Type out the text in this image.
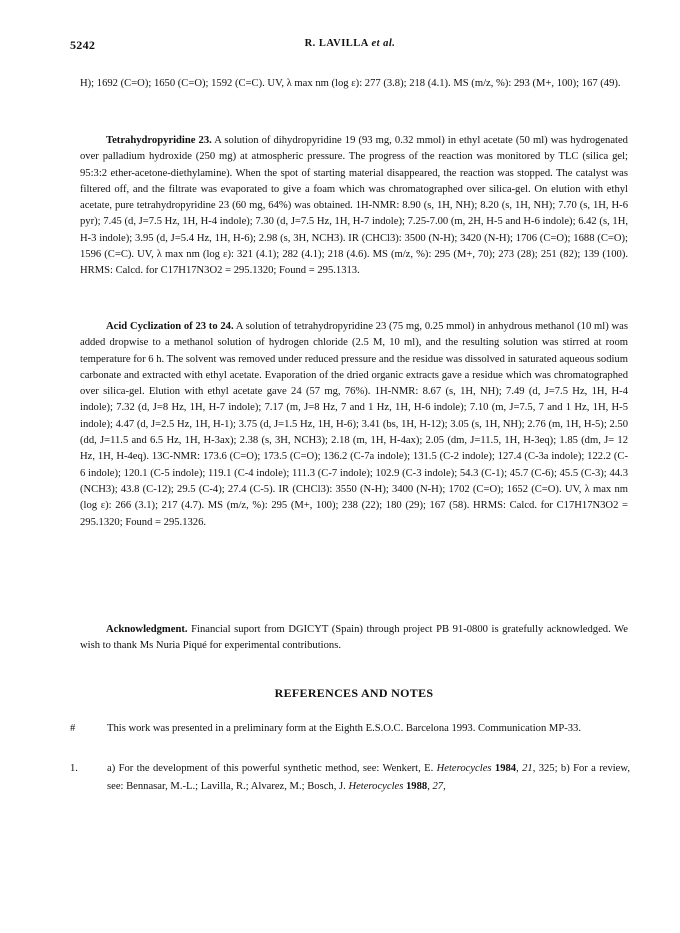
5242	R. LAVILLA et al.

H); 1692 (C=O); 1650 (C=O); 1592 (C=C). UV, λ max nm (log ε): 277 (3.8); 218 (4.1). MS (m/z, %): 293 (M+, 100); 167 (49).

Tetrahydropyridine 23. A solution of dihydropyridine 19 (93 mg, 0.32 mmol) in ethyl acetate (50 ml) was hydrogenated over palladium hydroxide (250 mg) at atmospheric pressure. The progress of the reaction was monitored by TLC (silica gel; 95:3:2 ether-acetone-diethylamine). When the spot of starting material disappeared, the reaction was stopped. The catalyst was filtered off, and the filtrate was evaporated to give a foam which was chromatographed over silica-gel. On elution with ethyl acetate, pure tetrahydropyridine 23 (60 mg, 64%) was obtained. 1H-NMR: 8.90 (s, 1H, NH); 8.20 (s, 1H, NH); 7.70 (s, 1H, H-6 pyr); 7.45 (d, J=7.5 Hz, 1H, H-4 indole); 7.30 (d, J=7.5 Hz, 1H, H-7 indole); 7.25-7.00 (m, 2H, H-5 and H-6 indole); 6.42 (s, 1H, H-3 indole); 3.95 (d, J=5.4 Hz, 1H, H-6); 2.98 (s, 3H, NCH3). IR (CHCl3): 3500 (N-H); 3420 (N-H); 1706 (C=O); 1688 (C=O); 1596 (C=C). UV, λ max nm (log ε): 321 (4.1); 282 (4.1); 218 (4.6). MS (m/z, %): 295 (M+, 70); 273 (28); 251 (82); 139 (100). HRMS: Calcd. for C17H17N3O2 = 295.1320; Found = 295.1313.

Acid Cyclization of 23 to 24. A solution of tetrahydropyridine 23 (75 mg, 0.25 mmol) in anhydrous methanol (10 ml) was added dropwise to a methanol solution of hydrogen chloride (2.5 M, 10 ml), and the resulting solution was stirred at room temperature for 6 h. The solvent was removed under reduced pressure and the residue was dissolved in saturated aqueous sodium carbonate and extracted with ethyl acetate. Evaporation of the dried organic extracts gave a residue which was chromatographed over silica-gel. Elution with ethyl acetate gave 24 (57 mg, 76%). 1H-NMR: 8.67 (s, 1H, NH); 7.49 (d, J=7.5 Hz, 1H, H-4 indole); 7.32 (d, J=8 Hz, 1H, H-7 indole); 7.17 (m, J=8 Hz, 7 and 1 Hz, 1H, H-6 indole); 7.10 (m, J=7.5, 7 and 1 Hz, 1H, H-5 indole); 4.47 (d, J=2.5 Hz, 1H, H-1); 3.75 (d, J=1.5 Hz, 1H, H-6); 3.41 (bs, 1H, H-12); 3.05 (s, 1H, NH); 2.76 (m, 1H, H-5); 2.50 (dd, J=11.5 and 6.5 Hz, 1H, H-3ax); 2.38 (s, 3H, NCH3); 2.18 (m, 1H, H-4ax); 2.05 (dm, J=11.5, 1H, H-3eq); 1.85 (dm, J= 12 Hz, 1H, H-4eq). 13C-NMR: 173.6 (C=O); 173.5 (C=O); 136.2 (C-7a indole); 131.5 (C-2 indole); 127.4 (C-3a indole); 122.2 (C-6 indole); 120.1 (C-5 indole); 119.1 (C-4 indole); 111.3 (C-7 indole); 102.9 (C-3 indole); 54.3 (C-1); 45.7 (C-6); 45.5 (C-3); 44.3 (NCH3); 43.8 (C-12); 29.5 (C-4); 27.4 (C-5). IR (CHCl3): 3550 (N-H); 3400 (N-H); 1702 (C=O); 1652 (C=O). UV, λ max nm (log ε): 266 (3.1); 217 (4.7). MS (m/z, %): 295 (M+, 100); 238 (22); 180 (29); 167 (58). HRMS: Calcd. for C17H17N3O2 = 295.1320; Found = 295.1326.

Acknowledgment. Financial suport from DGICYT (Spain) through project PB 91-0800 is gratefully acknowledged. We wish to thank Ms Nuria Piqué for experimental contributions.

REFERENCES AND NOTES
#	This work was presented in a preliminary form at the Eighth E.S.O.C. Barcelona 1993. Communication MP-33.
1.	a) For the development of this powerful synthetic method, see: Wenkert, E. Heterocycles 1984, 21, 325; b) For a review, see: Bennasar, M.-L.; Lavilla, R.; Alvarez, M.; Bosch, J. Heterocycles 1988, 27,
